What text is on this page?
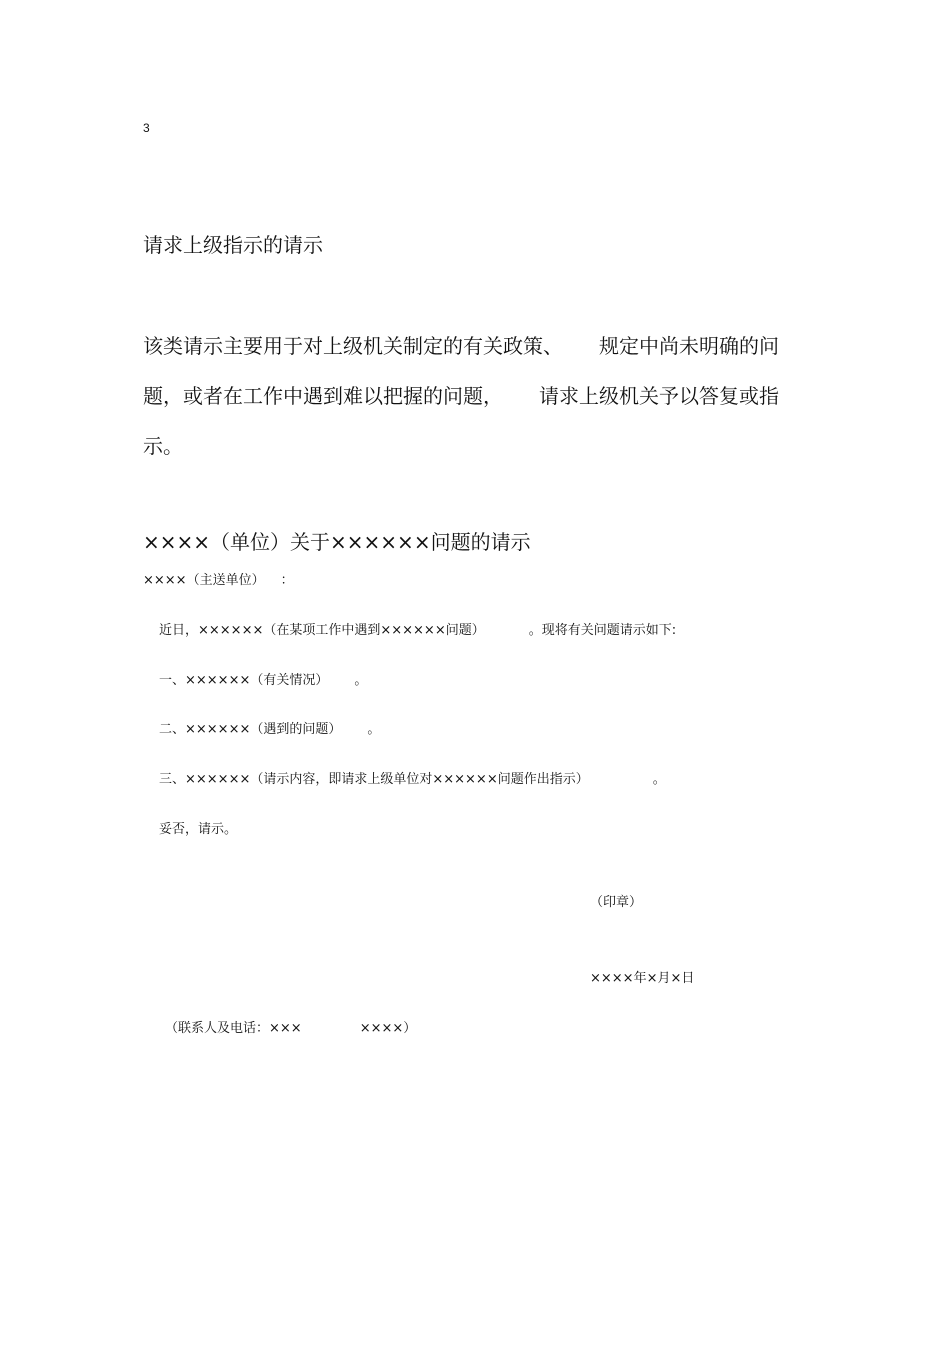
3
请求上级指示的请示
该类请示主要用于对上级机关制定的有关政策、 规定中尚未明确的问
题，或者在工作中遇到难以把握的问题， 请求上级机关予以答复或指
示。
××××（单位）关于××××××问题的请示
××××（主送单位） ：
近日，××××××（在某项工作中遇到××××××问题）	。现将有关问题请示如下:
一、××××××（有关情况） 。
二、××××××（遇到的问题） 。
三、××××××（请示内容，即请求上级单位对××××××问题作出指示）	。
妥否，请示。
（印章）
××××年×月×日
（联系人及电话：×××	××××）
